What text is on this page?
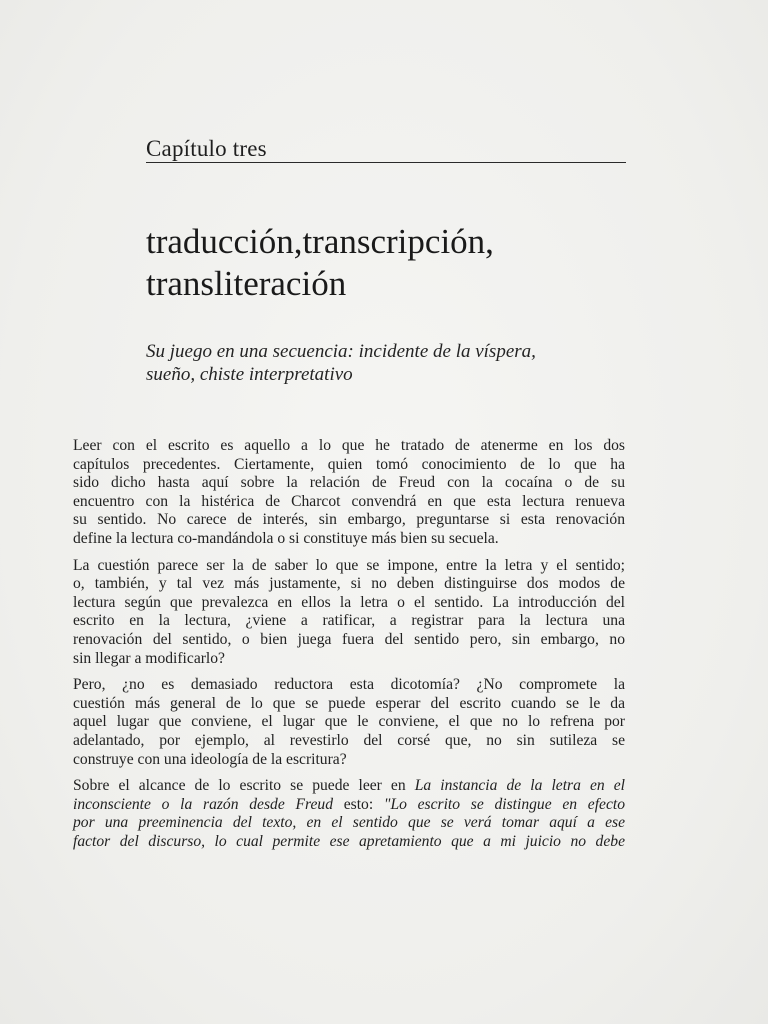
Capítulo tres
traducción,transcripción,
transliteración
Su juego en una secuencia: incidente de la víspera,
sueño, chiste interpretativo
Leer con el escrito es aquello a lo que he tratado de atenerme en los dos
capítulos precedentes. Ciertamente, quien tomó conocimiento de lo que ha
sido dicho hasta aquí sobre la relación de Freud con la cocaína o de su
encuentro con la histérica de Charcot convendrá en que esta lectura renueva
su sentido. No carece de interés, sin embargo, preguntarse si esta renovación
define la lectura co-mandándola o si constituye más bien su secuela.
La cuestión parece ser la de saber lo que se impone, entre la letra y el sentido;
o, también, y tal vez más justamente, si no deben distinguirse dos modos de
lectura según que prevalezca en ellos la letra o el sentido. La introducción del
escrito en la lectura, ¿viene a ratificar, a registrar para la lectura una
renovación del sentido, o bien juega fuera del sentido pero, sin embargo, no
sin llegar a modificarlo?
Pero, ¿no es demasiado reductora esta dicotomía? ¿No compromete la
cuestión más general de lo que se puede esperar del escrito cuando se le da
aquel lugar que conviene, el lugar que le conviene, el que no lo refrena por
adelantado, por ejemplo, al revestirlo del corsé que, no sin sutileza se
construye con una ideología de la escritura?
Sobre el alcance de lo escrito se puede leer en La instancia de la letra en el
inconsciente o la razón desde Freud esto: "Lo escrito se distingue en efecto
por una preeminencia del texto, en el sentido que se verá tomar aquí a ese
factor del discurso, lo cual permite ese apretamiento que a mi juicio no debe
